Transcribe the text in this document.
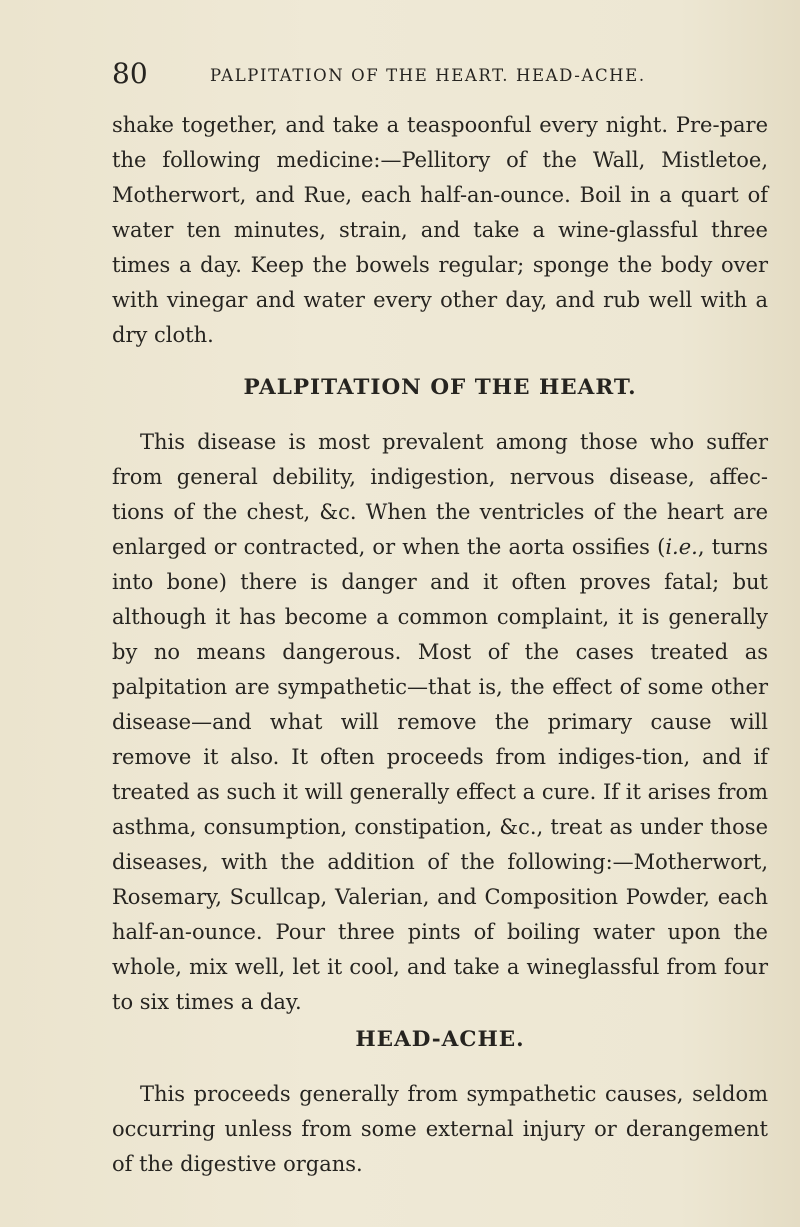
80	PALPITATION OF THE HEART. HEAD-ACHE.

shake together, and take a teaspoonful every night. Pre-pare the following medicine:—Pellitory of the Wall, Mistletoe, Motherwort, and Rue, each half-an-ounce. Boil in a quart of water ten minutes, strain, and take a wine-glassful three times a day. Keep the bowels regular; sponge the body over with vinegar and water every other day, and rub well with a dry cloth.

PALPITATION OF THE HEART.

This disease is most prevalent among those who suffer from general debility, indigestion, nervous disease, affec-tions of the chest, &c. When the ventricles of the heart are enlarged or contracted, or when the aorta ossifies (i.e., turns into bone) there is danger and it often proves fatal; but although it has become a common complaint, it is generally by no means dangerous. Most of the cases treated as palpitation are sympathetic—that is, the effect of some other disease—and what will remove the primary cause will remove it also. It often proceeds from indiges-tion, and if treated as such it will generally effect a cure. If it arises from asthma, consumption, constipation, &c., treat as under those diseases, with the addition of the following:—Motherwort, Rosemary, Scullcap, Valerian, and Composition Powder, each half-an-ounce. Pour three pints of boiling water upon the whole, mix well, let it cool, and take a wineglassful from four to six times a day.

HEAD-ACHE.

This proceeds generally from sympathetic causes, seldom occurring unless from some external injury or derangement of the digestive organs.
